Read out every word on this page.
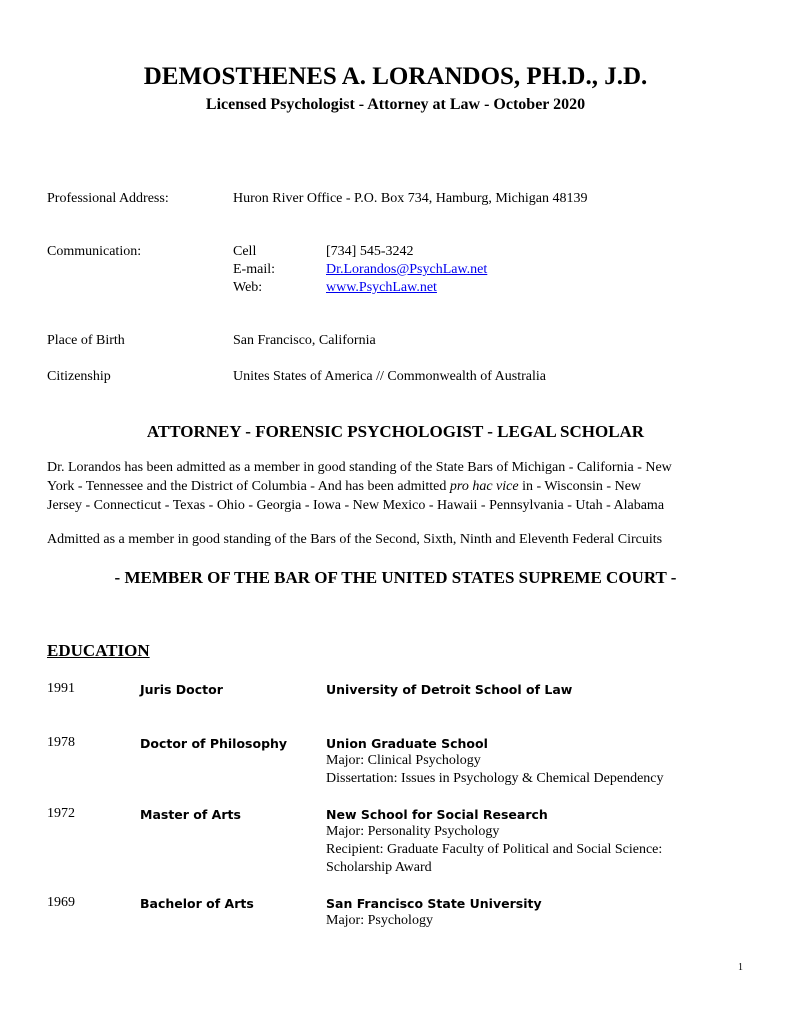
DEMOSTHENES A. LORANDOS, PH.D., J.D.
Licensed Psychologist - Attorney at Law - October 2020
Professional Address:	Huron River Office - P.O. Box 734, Hamburg, Michigan 48139
Communication:	Cell	[734] 545-3242
E-mail:	Dr.Lorandos@PsychLaw.net
Web:	www.PsychLaw.net
Place of Birth	San Francisco, California
Citizenship	Unites States of America // Commonwealth of Australia
ATTORNEY - FORENSIC PSYCHOLOGIST - LEGAL SCHOLAR
Dr. Lorandos has been admitted as a member in good standing of the State Bars of Michigan - California - New
York - Tennessee and the District of Columbia - And has been admitted pro hac vice in - Wisconsin - New
Jersey - Connecticut - Texas - Ohio - Georgia - Iowa - New Mexico - Hawaii - Pennsylvania - Utah - Alabama
Admitted as a member in good standing of the Bars of the Second, Sixth, Ninth and Eleventh Federal Circuits
- MEMBER OF THE BAR OF THE UNITED STATES SUPREME COURT -
EDUCATION
1991	Juris Doctor	University of Detroit School of Law
1978	Doctor of Philosophy	Union Graduate School
Major: Clinical Psychology
Dissertation: Issues in Psychology & Chemical Dependency
1972	Master of Arts	New School for Social Research
Major: Personality Psychology
Recipient: Graduate Faculty of Political and Social Science:
Scholarship Award
1969	Bachelor of Arts	San Francisco State University
Major: Psychology
1
